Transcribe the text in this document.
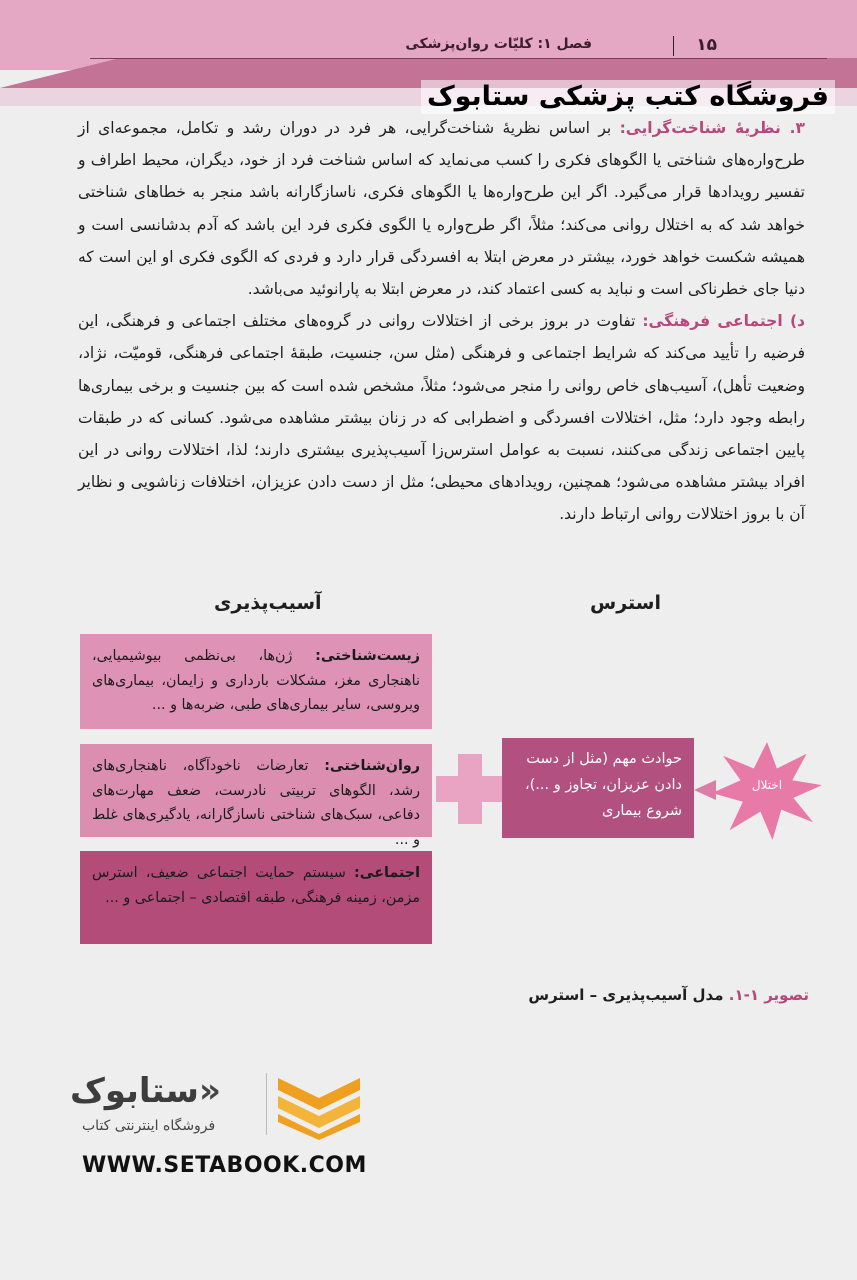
فصل ۱: کلیّات روان‌پزشکی	۱۵
فروشگاه کتب پزشکی ستابوک

۳. نظریهٔ شناخت‌گرایی: بر اساس نظریهٔ شناخت‌گرایی، هر فرد در دوران رشد و تکامل، مجموعه‌ای از طرح‌واره‌های شناختی یا الگوهای فکری را کسب می‌نماید که اساس شناخت فرد از خود، دیگران، محیط اطراف و تفسیر رویدادها قرار می‌گیرد. اگر این طرح‌واره‌ها یا الگوهای فکری، ناسازگارانه باشد منجر به خطاهای شناختی خواهد شد که به اختلال روانی می‌کند؛ مثلاً، اگر طرح‌واره یا الگوی فکری فرد این باشد که آدم بدشانسی است و همیشه شکست خواهد خورد، بیشتر در معرض ابتلا به افسردگی قرار دارد و فردی که الگوی فکری او این است که دنیا جای خطرناکی است و نباید به کسی اعتماد کند، در معرض ابتلا به پارانوئید می‌باشد.

د) اجتماعی فرهنگی: تفاوت در بروز برخی از اختلالات روانی در گروه‌های مختلف اجتماعی و فرهنگی، این فرضیه را تأیید می‌کند که شرایط اجتماعی و فرهنگی (مثل سن، جنسیت، طبقهٔ اجتماعی فرهنگی، قومیّت، نژاد، وضعیت تأهل)، آسیب‌های خاص روانی را منجر می‌شود؛ مثلاً، مشخص شده است که بین جنسیت و برخی بیماری‌ها رابطه وجود دارد؛ مثل، اختلالات افسردگی و اضطرابی که در زنان بیشتر مشاهده می‌شود. کسانی که در طبقات پایین اجتماعی زندگی می‌کنند، نسبت به عوامل استرس‌زا آسیب‌پذیری بیشتری دارند؛ لذا، اختلالات روانی در این افراد بیشتر مشاهده می‌شود؛ همچنین، رویدادهای محیطی؛ مثل از دست دادن عزیزان، اختلافات زناشویی و نظایر آن با بروز اختلالات روانی ارتباط دارند.

آسیب‌پذیری	استرس
زیست‌شناختی: ژن‌ها، بی‌نظمی بیوشیمیایی، ناهنجاری مغز، مشکلات بارداری و زایمان، بیماری‌های ویروسی، سایر بیماری‌های طبی، ضربه‌ها و ...
روان‌شناختی: تعارضات ناخودآگاه، ناهنجاری‌های رشد، الگوهای تربیتی نادرست، ضعف مهارت‌های دفاعی، سبک‌های شناختی ناسازگارانه، یادگیری‌های غلط و ...
اجتماعی: سیستم حمایت اجتماعی ضعیف، استرس مزمن، زمینه فرهنگی، طبقه اقتصادی – اجتماعی و ...
حوادث مهم (مثل از دست دادن عزیزان، تجاوز و ...)، شروع بیماری
اختلال
تصویر ۱-۱. مدل آسیب‌پذیری – استرس
«ستابوک
فروشگاه اینترنتی کتاب
WWW.SETABOOK.COM
